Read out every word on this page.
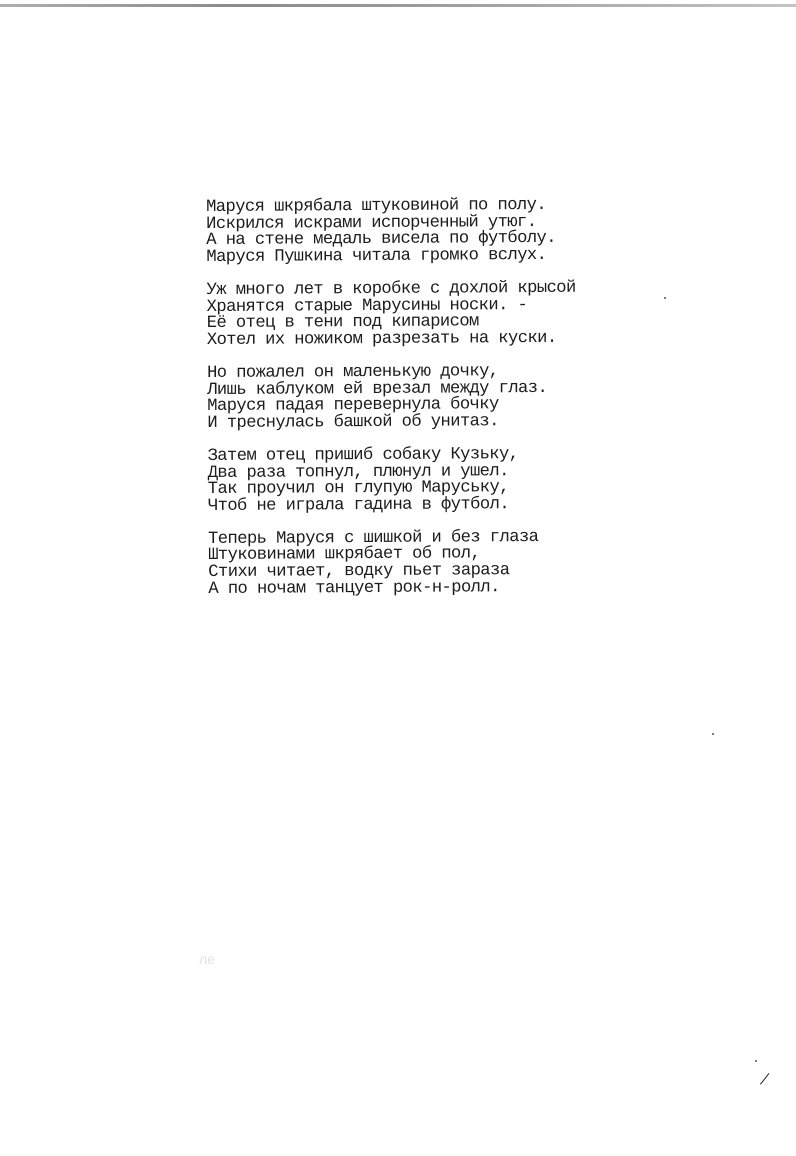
Маруся шкрябала штуковиной по полу.
Искрился искрами испорченный утюг.
А на стене медаль висела по футболу.
Маруся Пушкина читала громко вслух.
Уж много лет в коробке с дохлой крысой
Хранятся старые Марусины носки. -
Её отец в тени под кипарисом
Хотел их ножиком разрезать на куски.
Но пожалел он маленькую дочку,
Лишь каблуком ей врезал между глаз.
Маруся падая перевернула бочку
И треснулась башкой об унитаз.
Затем отец пришиб собаку Кузьку,
Два раза топнул, плюнул и ушел.
Так проучил он глупую Маруську,
Чтоб не играла гадина в футбол.
Теперь Маруся с шишкой и без глаза
Штуковинами шкрябает об пол,
Стихи читает, водку пьет зараза
А по ночам танцует рок-н-ролл.
ле
